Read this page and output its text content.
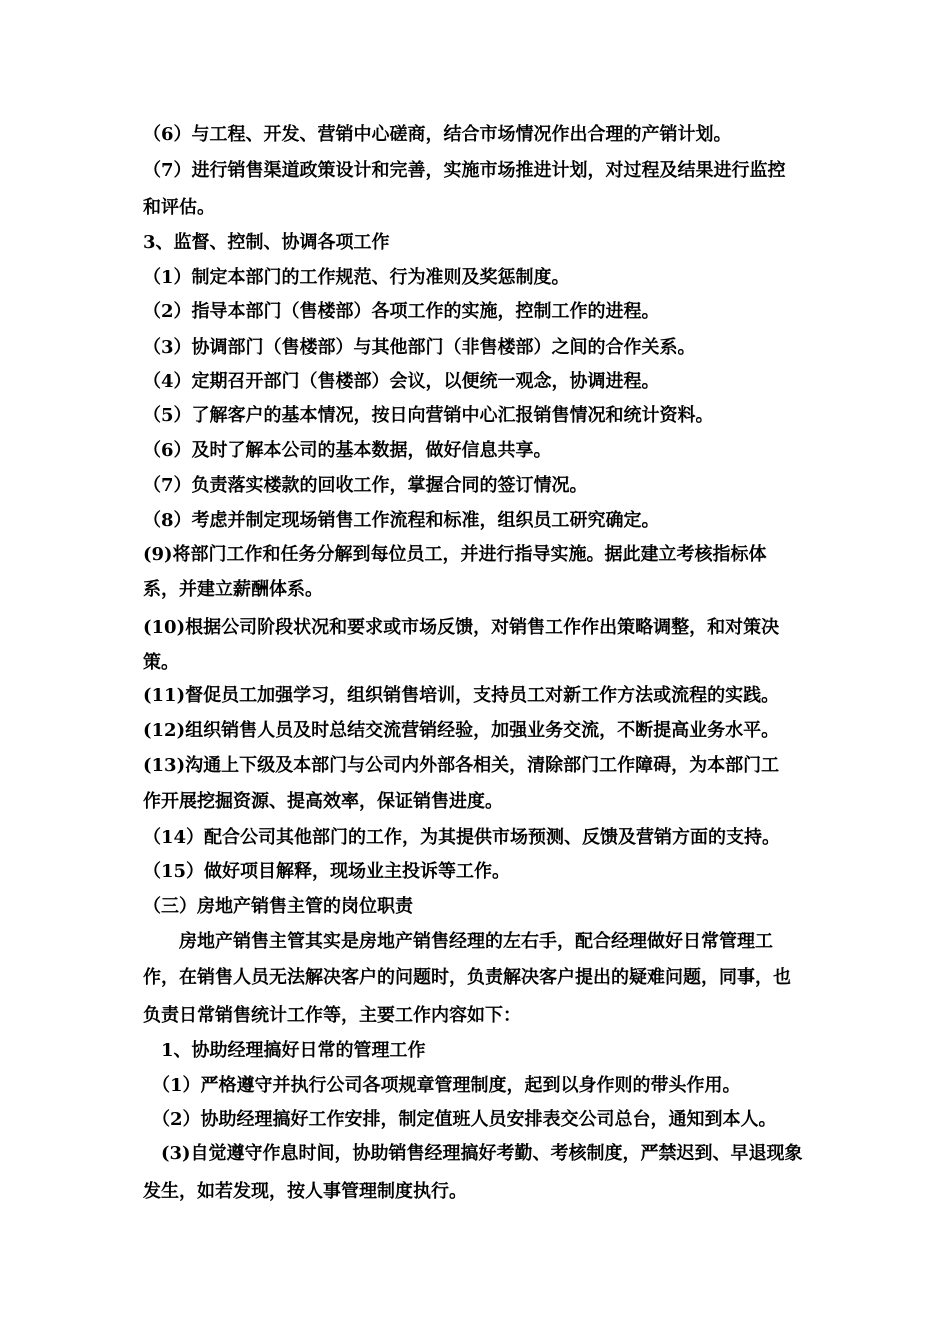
（6）与工程、开发、营销中心磋商，结合市场情况作出合理的产销计划。
（7）进行销售渠道政策设计和完善，实施市场推进计划，对过程及结果进行监控
和评估。
3、监督、控制、协调各项工作
（1）制定本部门的工作规范、行为准则及奖惩制度。
（2）指导本部门（售楼部）各项工作的实施，控制工作的进程。
（3）协调部门（售楼部）与其他部门（非售楼部）之间的合作关系。
（4）定期召开部门（售楼部）会议，以便统一观念，协调进程。
（5）了解客户的基本情况，按日向营销中心汇报销售情况和统计资料。
（6）及时了解本公司的基本数据，做好信息共享。
（7）负责落实楼款的回收工作，掌握合同的签订情况。
（8）考虑并制定现场销售工作流程和标准，组织员工研究确定。
(9)将部门工作和任务分解到每位员工，并进行指导实施。据此建立考核指标体
系，并建立薪酬体系。
(10)根据公司阶段状况和要求或市场反馈，对销售工作作出策略调整，和对策决
策。
(11)督促员工加强学习，组织销售培训，支持员工对新工作方法或流程的实践。
(12)组织销售人员及时总结交流营销经验，加强业务交流，不断提高业务水平。
(13)沟通上下级及本部门与公司内外部各相关，清除部门工作障碍，为本部门工
作开展挖掘资源、提高效率，保证销售进度。
（14）配合公司其他部门的工作，为其提供市场预测、反馈及营销方面的支持。
（15）做好项目解释，现场业主投诉等工作。
（三）房地产销售主管的岗位职责
　　房地产销售主管其实是房地产销售经理的左右手，配合经理做好日常管理工
作，在销售人员无法解决客户的问题时，负责解决客户提出的疑难问题，同事，也
负责日常销售统计工作等，主要工作内容如下：
　1、协助经理搞好日常的管理工作
　（1）严格遵守并执行公司各项规章管理制度，起到以身作则的带头作用。
　（2）协助经理搞好工作安排，制定值班人员安排表交公司总台，通知到本人。
　(3)自觉遵守作息时间，协助销售经理搞好考勤、考核制度，严禁迟到、早退现象
发生，如若发现，按人事管理制度执行。
